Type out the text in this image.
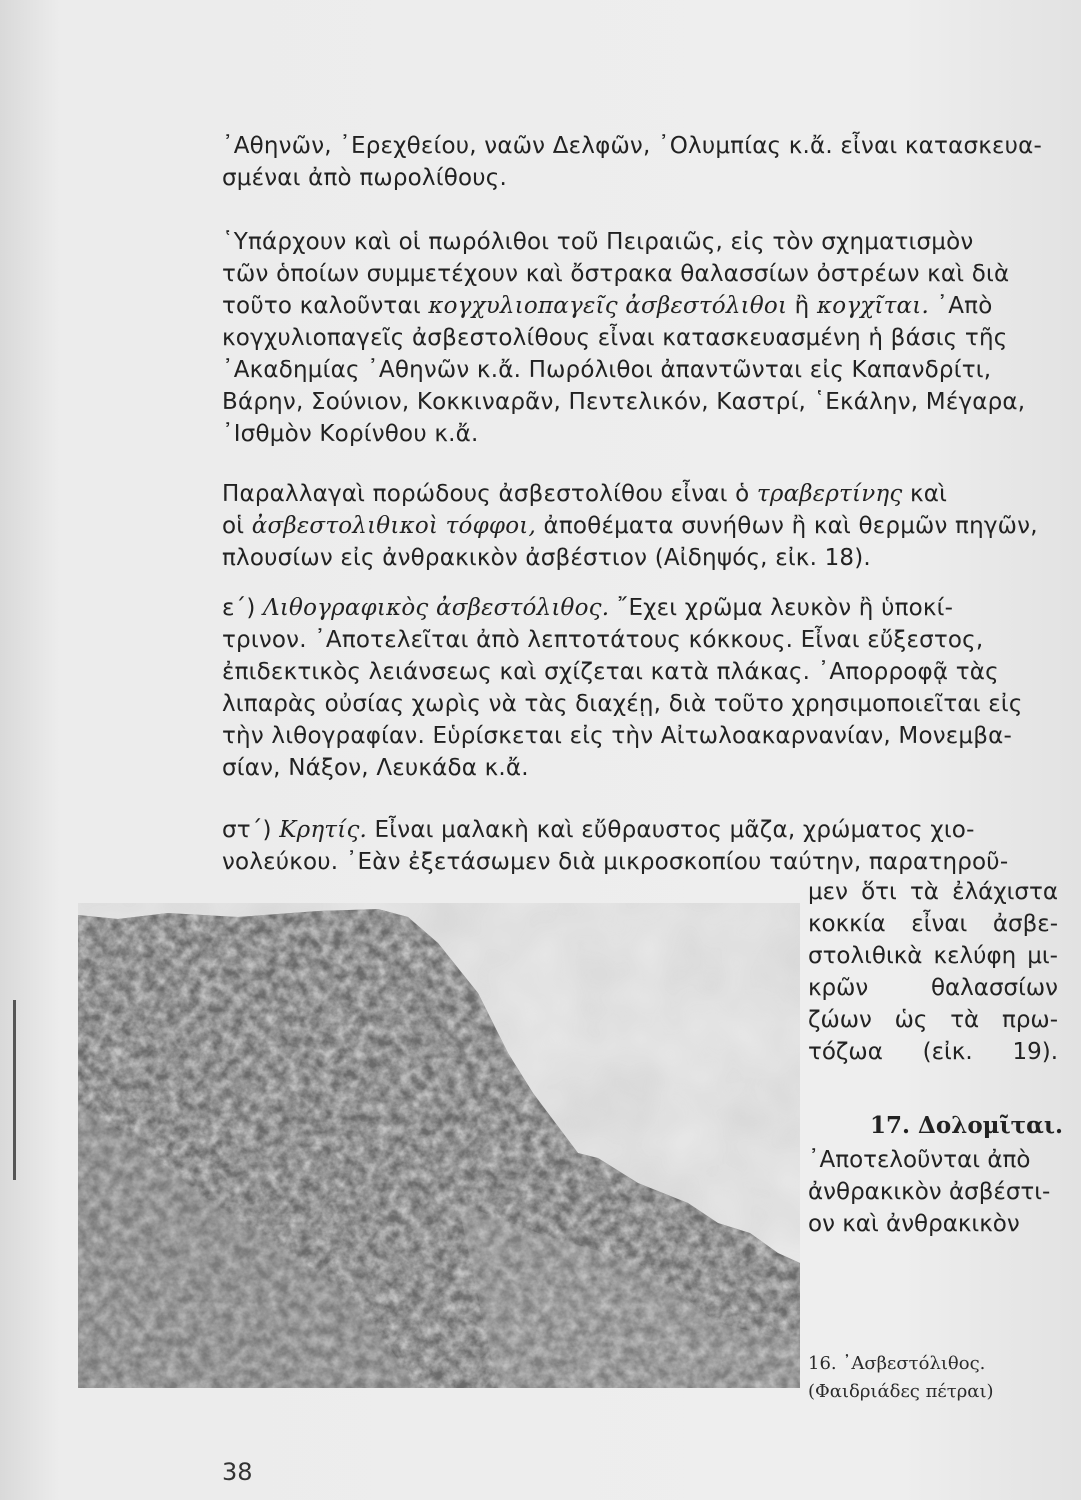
᾿Αθηνῶν, ᾿Ερεχθείου, ναῶν Δελφῶν, ᾿Ολυμπίας κ.ἄ. εἶναι κατασκευα-
σμέναι ἀπὸ πωρολίθους.

῾Υπάρχουν καὶ οἱ πωρόλιθοι τοῦ Πειραιῶς, εἰς τὸν σχηματισμὸν
τῶν ὁποίων συμμετέχουν καὶ ὄστρακα θαλασσίων ὀστρέων καὶ διὰ
τοῦτο καλοῦνται κογχυλιοπαγεῖς ἀσβεστόλιθοι ἢ κογχῖται. ᾿Απὸ
κογχυλιοπαγεῖς ἀσβεστολίθους εἶναι κατασκευασμένη ἡ βάσις τῆς
᾿Ακαδημίας ᾿Αθηνῶν κ.ἄ. Πωρόλιθοι ἀπαντῶνται εἰς Καπανδρίτι,
Βάρην, Σούνιον, Κοκκιναρᾶν, Πεντελικόν, Καστρί, ῾Εκάλην, Μέγαρα,
᾿Ισθμὸν Κορίνθου κ.ἄ.

Παραλλαγαὶ πορώδους ἀσβεστολίθου εἶναι ὁ τραβερτίνης καὶ
οἱ ἀσβεστολιθικοὶ τόφφοι, ἀποθέματα συνήθων ἢ καὶ θερμῶν πηγῶν,
πλουσίων εἰς ἀνθρακικὸν ἀσβέστιον (Αἰδηψός, εἰκ. 18).

ε΄) Λιθογραφικὸς ἀσβεστόλιθος. ῎Εχει χρῶμα λευκὸν ἢ ὑποκί-
τρινον. ᾿Αποτελεῖται ἀπὸ λεπτοτάτους κόκκους. Εἶναι εὔξεστος,
ἐπιδεκτικὸς λειάνσεως καὶ σχίζεται κατὰ πλάκας. ᾿Απορροφᾷ τὰς
λιπαρὰς οὐσίας χωρὶς νὰ τὰς διαχέῃ, διὰ τοῦτο χρησιμοποιεῖται εἰς
τὴν λιθογραφίαν. Εὑρίσκεται εἰς τὴν Αἰτωλοακαρνανίαν, Μονεμβα-
σίαν, Νάξον, Λευκάδα κ.ἄ.

στ΄) Κρητίς. Εἶναι μαλακὴ καὶ εὔθραυστος μᾶζα, χρώματος χιο-
νολεύκου. ᾿Εὰν ἐξετάσωμεν διὰ μικροσκοπίου ταύτην, παρατηροῦ-

μεν ὅτι τὰ ἐλάχιστα
κοκκία εἶναι ἀσβε-
στολιθικὰ κελύφη μι-
κρῶν θαλασσίων
ζώων ὡς τὰ πρω-
τόζωα (εἰκ. 19).

17. Δολομῖται.

᾿Αποτελοῦνται ἀπὸ
ἀνθρακικὸν ἀσβέστι-
ον καὶ ἀνθρακικὸν

16. ᾿Ασβεστόλιθος.
(Φαιδριάδες πέτραι)

38
